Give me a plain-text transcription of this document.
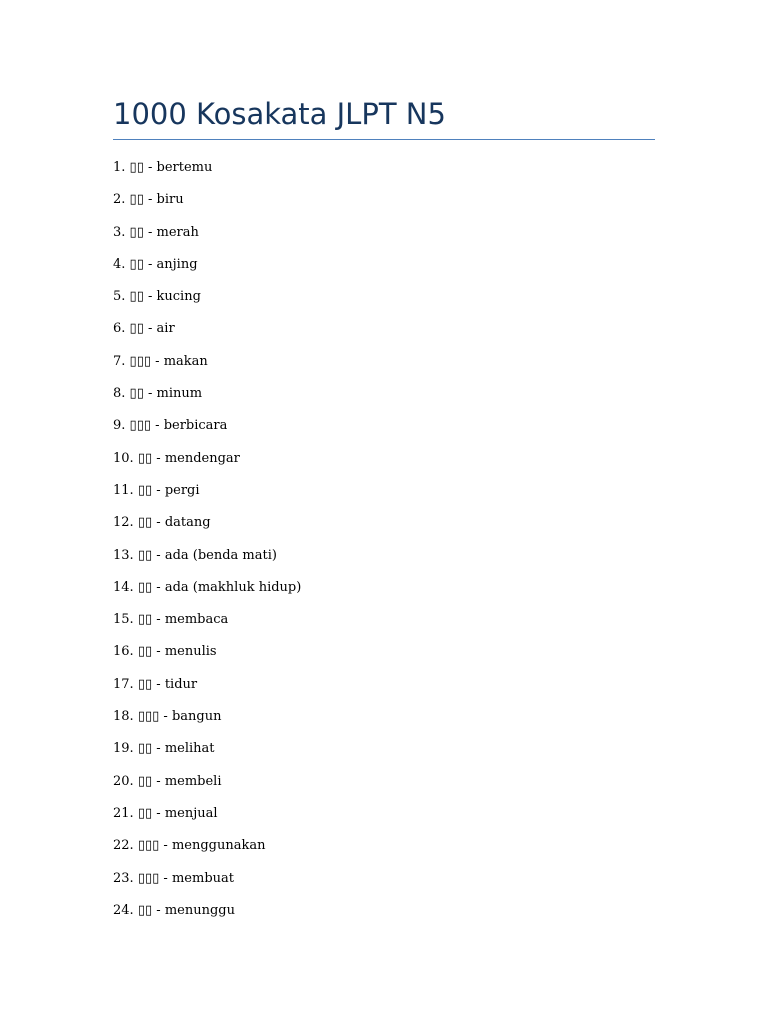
1000 Kosakata JLPT N5
1. ▯▯ - bertemu
2. ▯▯ - biru
3. ▯▯ - merah
4. ▯▯ - anjing
5. ▯▯ - kucing
6. ▯▯ - air
7. ▯▯▯ - makan
8. ▯▯ - minum
9. ▯▯▯ - berbicara
10. ▯▯ - mendengar
11. ▯▯ - pergi
12. ▯▯ - datang
13. ▯▯ - ada (benda mati)
14. ▯▯ - ada (makhluk hidup)
15. ▯▯ - membaca
16. ▯▯ - menulis
17. ▯▯ - tidur
18. ▯▯▯ - bangun
19. ▯▯ - melihat
20. ▯▯ - membeli
21. ▯▯ - menjual
22. ▯▯▯ - menggunakan
23. ▯▯▯ - membuat
24. ▯▯ - menunggu
